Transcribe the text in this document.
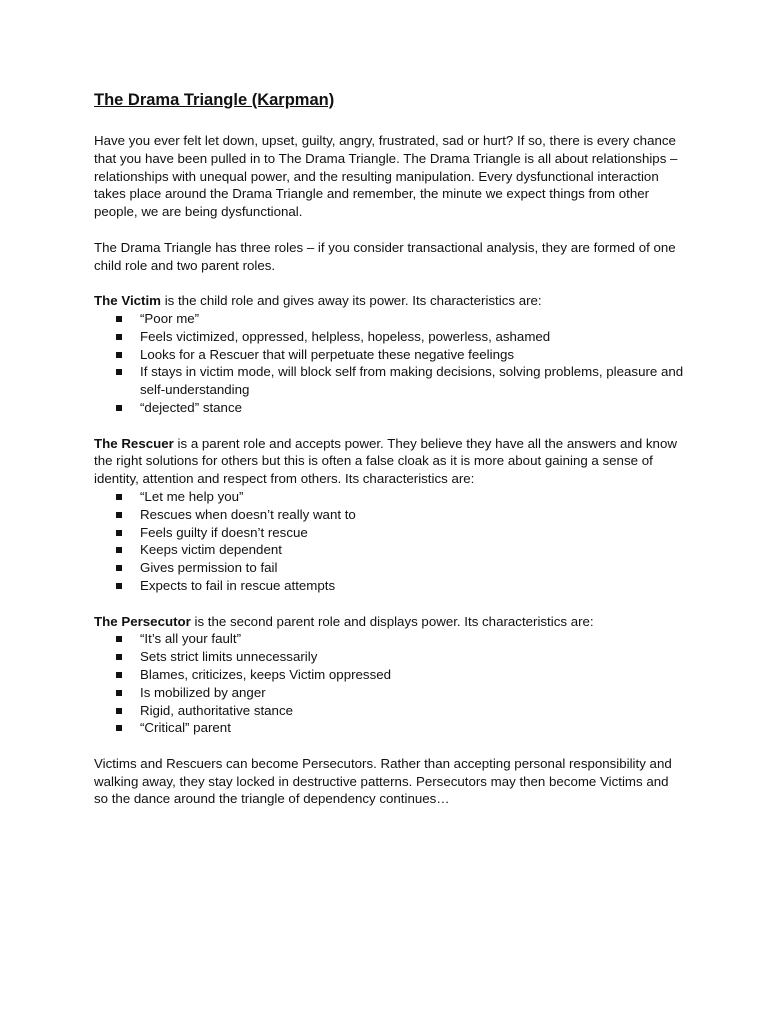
The Drama Triangle (Karpman)

Have you ever felt let down, upset, guilty, angry, frustrated, sad or hurt? If so, there is every chance that you have been pulled in to The Drama Triangle. The Drama Triangle is all about relationships – relationships with unequal power, and the resulting manipulation. Every dysfunctional interaction takes place around the Drama Triangle and remember, the minute we expect things from other people, we are being dysfunctional.

The Drama Triangle has three roles – if you consider transactional analysis, they are formed of one child role and two parent roles.

The Victim is the child role and gives away its power. Its characteristics are:
“Poor me”
Feels victimized, oppressed, helpless, hopeless, powerless, ashamed
Looks for a Rescuer that will perpetuate these negative feelings
If stays in victim mode, will block self from making decisions, solving problems, pleasure and self-understanding
“dejected” stance
The Rescuer is a parent role and accepts power. They believe they have all the answers and know the right solutions for others but this is often a false cloak as it is more about gaining a sense of identity, attention and respect from others. Its characteristics are:
“Let me help you”
Rescues when doesn’t really want to
Feels guilty if doesn’t rescue
Keeps victim dependent
Gives permission to fail
Expects to fail in rescue attempts
The Persecutor is the second parent role and displays power. Its characteristics are:
“It’s all your fault”
Sets strict limits unnecessarily
Blames, criticizes, keeps Victim oppressed
Is mobilized by anger
Rigid, authoritative stance
“Critical” parent

Victims and Rescuers can become Persecutors. Rather than accepting personal responsibility and walking away, they stay locked in destructive patterns. Persecutors may then become Victims and so the dance around the triangle of dependency continues…
